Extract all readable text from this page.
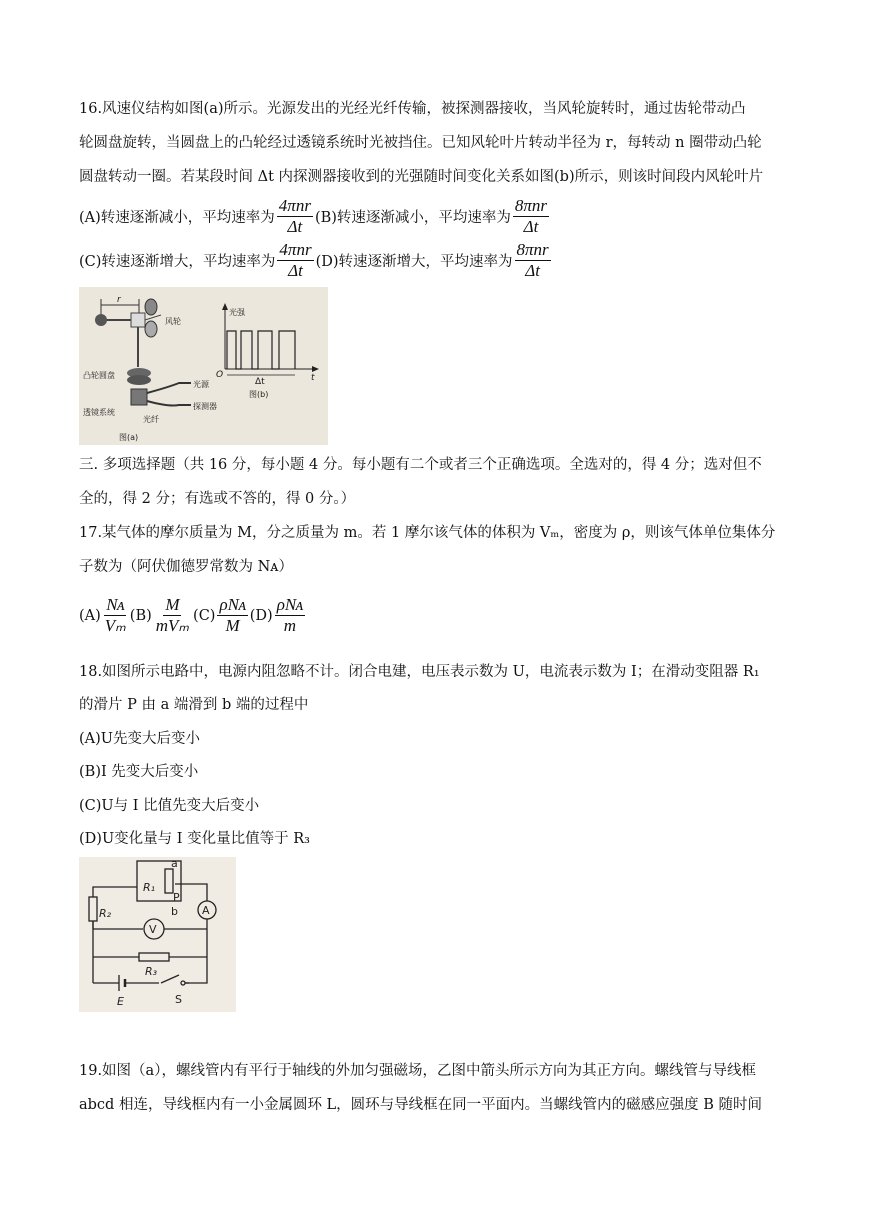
16.风速仪结构如图(a)所示。光源发出的光经光纤传输，被探测器接收，当风轮旋转时，通过齿轮带动凸
轮圆盘旋转，当圆盘上的凸轮经过透镜系统时光被挡住。已知风轮叶片转动半径为 r，每转动 n 圈带动凸轮
圆盘转动一圈。若某段时间 Δt 内探测器接收到的光强随时间变化关系如图(b)所示，则该时间段内风轮叶片
(A)转速逐渐减小，平均速率为 $\frac{\text{4πnr}}{\Delta t} (B)$转速逐渐减小，平均速率为 $\frac{\text{8πnr}}{\Delta t}$
(C)转速逐渐增大，平均速率为 $\frac{\text{4πnr}}{\Delta t} (D)$转速逐渐增大，平均速率为 $\frac{\text{8πnr}}{\Delta t}$
r
风轮
凸轮圆盘
光源
探测器
透镜系统
光纤
图(a)
光强
O	t
Δt
图(b)
三. 多项选择题（共 16 分，每小题 4 分。每小题有二个或者三个正确选项。全选对的，得 4 分；选对但不
全的，得 2 分；有选或不答的，得 0 分。）
17.某气体的摩尔质量为 M，分之质量为 m。若 1 摩尔该气体的体积为 Vₘ，密度为 ρ，则该气体单位集体分
子数为（阿伏伽德罗常数为 Nᴀ）
$(A) \frac{\text{Nᴀ}}{\text{Vₘ}} (B) \frac{M}{\text{mVₘ}} (C) \frac{\text{ρNᴀ}}{M} (D) \frac{\text{ρNᴀ}}{m}$
18.如图所示电路中，电源内阻忽略不计。闭合电建，电压表示数为 U，电流表示数为 I；在滑动变阻器 R₁
的滑片 P 由 a 端滑到 b 端的过程中
(A)U先变大后变小
(B)I 先变大后变小
(C)U与 I 比值先变大后变小
(D)U变化量与 I 变化量比值等于 R₃
a
P
b
R₁
R₂	A
V
R₃
E	S
19.如图（a），螺线管内有平行于轴线的外加匀强磁场，乙图中箭头所示方向为其正方向。螺线管与导线框
abcd 相连，导线框内有一小金属圆环 L，圆环与导线框在同一平面内。当螺线管内的磁感应强度 B 随时间
